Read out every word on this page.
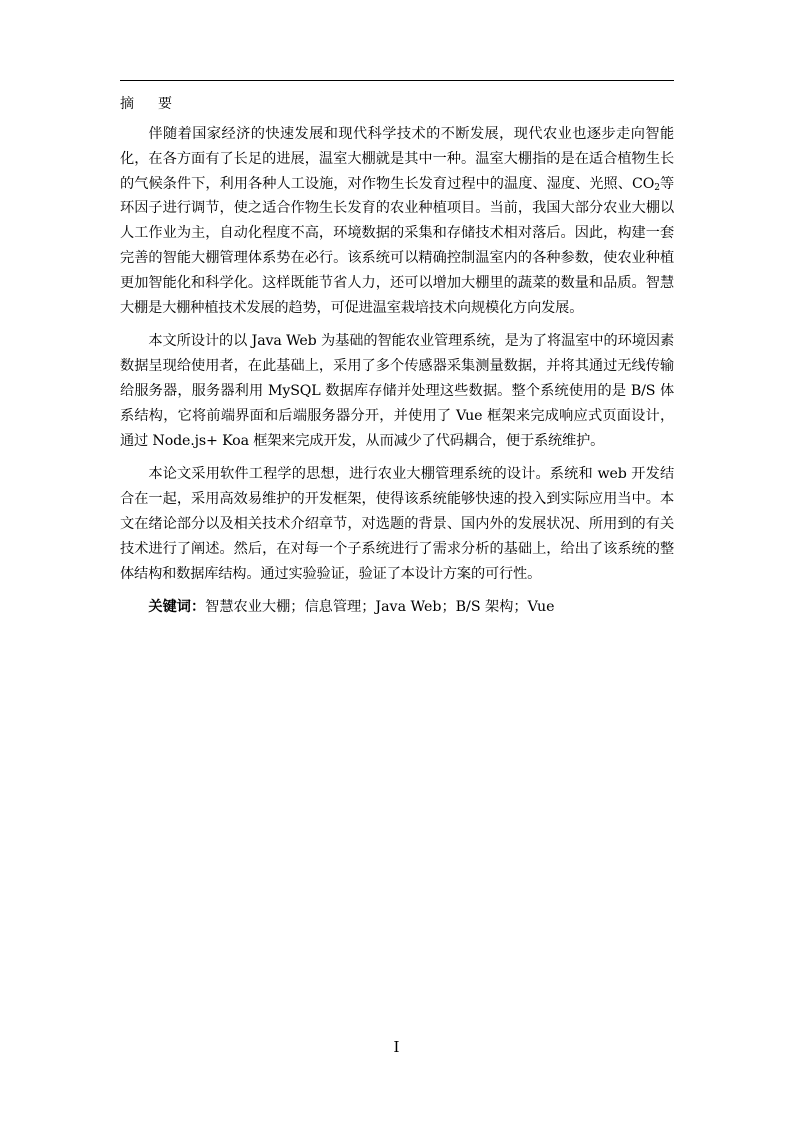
摘 要

伴随着国家经济的快速发展和现代科学技术的不断发展，现代农业也逐步走向智能化，在各方面有了长足的进展，温室大棚就是其中一种。温室大棚指的是在适合植物生长的气候条件下，利用各种人工设施，对作物生长发育过程中的温度、湿度、光照、$CO_2$等环因子进行调节，使之适合作物生长发育的农业种植项目。当前，我国大部分农业大棚以人工作业为主，自动化程度不高，环境数据的采集和存储技术相对落后。因此，构建一套完善的智能大棚管理体系势在必行。该系统可以精确控制温室内的各种参数，使农业种植更加智能化和科学化。这样既能节省人力，还可以增加大棚里的蔬菜的数量和品质。智慧大棚是大棚种植技术发展的趋势，可促进温室栽培技术向规模化方向发展。

本文所设计的以 Java Web 为基础的智能农业管理系统，是为了将温室中的环境因素数据呈现给使用者，在此基础上，采用了多个传感器采集测量数据，并将其通过无线传输给服务器，服务器利用 MySQL 数据库存储并处理这些数据。整个系统使用的是 B/S 体系结构，它将前端界面和后端服务器分开，并使用了 Vue 框架来完成响应式页面设计，通过 Node.js+ Koa 框架来完成开发，从而减少了代码耦合，便于系统维护。

本论文采用软件工程学的思想，进行农业大棚管理系统的设计。系统和 web 开发结合在一起，采用高效易维护的开发框架，使得该系统能够快速的投入到实际应用当中。本文在绪论部分以及相关技术介绍章节，对选题的背景、国内外的发展状况、所用到的有关技术进行了阐述。然后，在对每一个子系统进行了需求分析的基础上，给出了该系统的整体结构和数据库结构。通过实验验证，验证了本设计方案的可行性。

关键词：智慧农业大棚；信息管理；Java Web；B/S 架构；Vue

I
